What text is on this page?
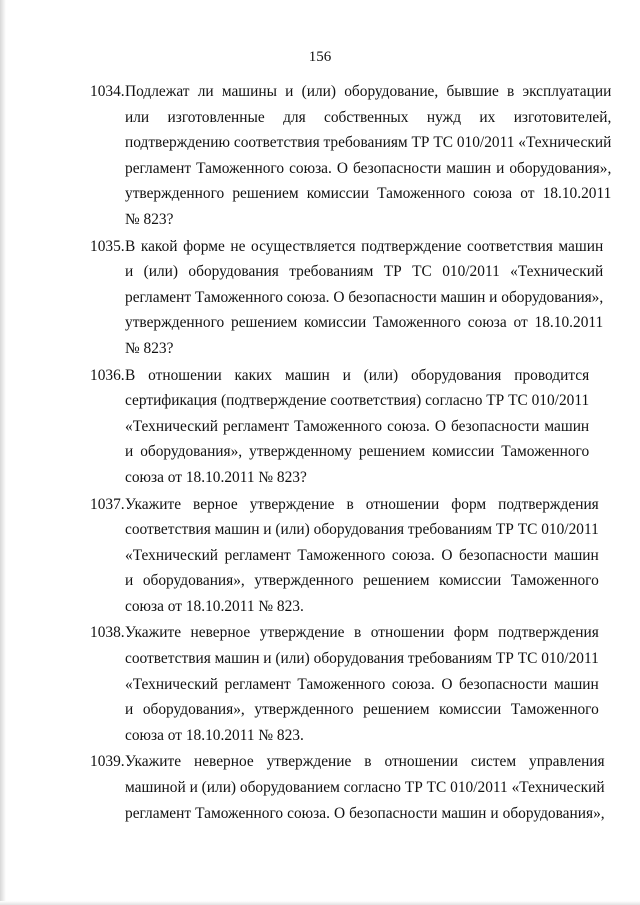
156
1034. Подлежат ли машины и (или) оборудование, бывшие в эксплуатации
или изготовленные для собственных нужд их изготовителей,
подтверждению соответствия требованиям ТР ТС 010/2011 «Технический
регламент Таможенного союза. О безопасности машин и оборудования»,
утвержденного решением комиссии Таможенного союза от 18.10.2011
№ 823?
1035. В какой форме не осуществляется подтверждение соответствия машин
и (или) оборудования требованиям ТР ТС 010/2011 «Технический
регламент Таможенного союза. О безопасности машин и оборудования»,
утвержденного решением комиссии Таможенного союза от 18.10.2011
№ 823?
1036. В отношении каких машин и (или) оборудования проводится
сертификация (подтверждение соответствия) согласно ТР ТС 010/2011
«Технический регламент Таможенного союза. О безопасности машин
и оборудования», утвержденному решением комиссии Таможенного
союза от 18.10.2011 № 823?
1037. Укажите верное утверждение в отношении форм подтверждения
соответствия машин и (или) оборудования требованиям ТР ТС 010/2011
«Технический регламент Таможенного союза. О безопасности машин
и оборудования», утвержденного решением комиссии Таможенного
союза от 18.10.2011 № 823.
1038. Укажите неверное утверждение в отношении форм подтверждения
соответствия машин и (или) оборудования требованиям ТР ТС 010/2011
«Технический регламент Таможенного союза. О безопасности машин
и оборудования», утвержденного решением комиссии Таможенного
союза от 18.10.2011 № 823.
1039. Укажите неверное утверждение в отношении систем управления
машиной и (или) оборудованием согласно ТР ТС 010/2011 «Технический
регламент Таможенного союза. О безопасности машин и оборудования»,
